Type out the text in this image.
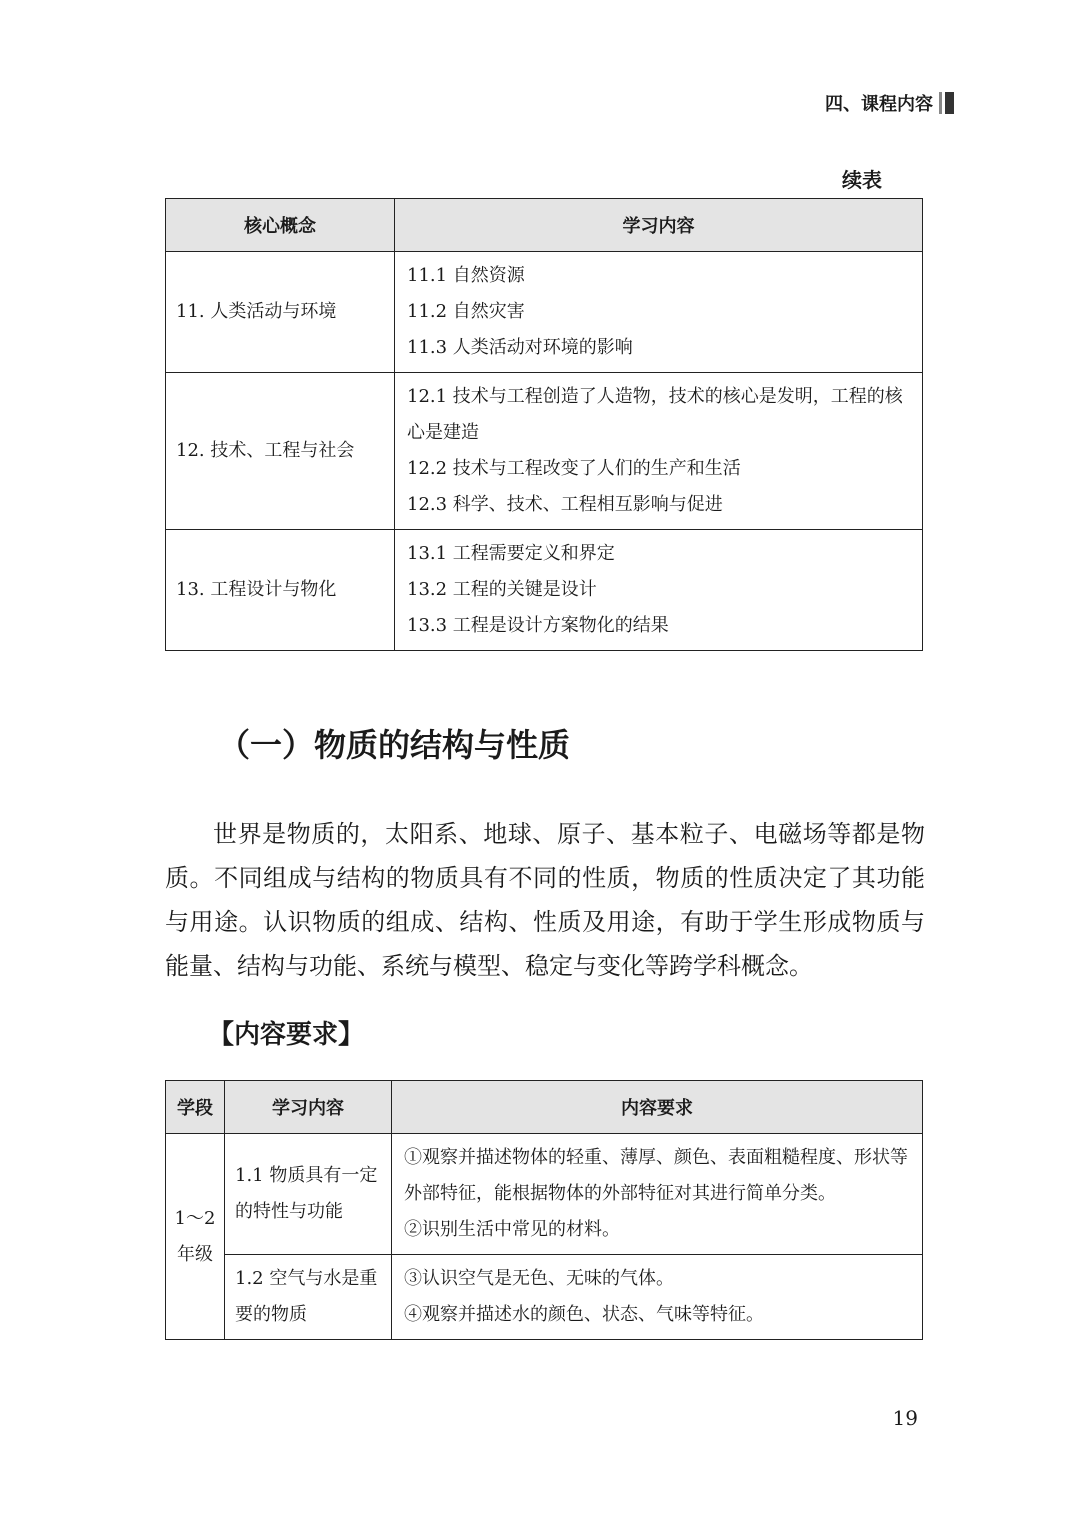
四、课程内容
续表
核心概念	学习内容
11. 人类活动与环境	11.1 自然资源
11.2 自然灾害
11.3 人类活动对环境的影响

12. 技术、工程与社会	12.1 技术与工程创造了人造物，技术的核心是发明，工程的核心是建造
12.2 技术与工程改变了人们的生产和生活
12.3 科学、技术、工程相互影响与促进

13. 工程设计与物化	13.1 工程需要定义和界定
13.2 工程的关键是设计
13.3 工程是设计方案物化的结果
（一）物质的结构与性质

世界是物质的，太阳系、地球、原子、基本粒子、电磁场等都是物质。不同组成与结构的物质具有不同的性质，物质的性质决定了其功能与用途。认识物质的组成、结构、性质及用途，有助于学生形成物质与能量、结构与功能、系统与模型、稳定与变化等跨学科概念。

【内容要求】
学段	学习内容	内容要求
1～2年级	1.1 物质具有一定的特性与功能	①观察并描述物体的轻重、薄厚、颜色、表面粗糙程度、形状等外部特征，能根据物体的外部特征对其进行简单分类。
②识别生活中常见的材料。

	1.2 空气与水是重要的物质	③认识空气是无色、无味的气体。
④观察并描述水的颜色、状态、气味等特征。
19
